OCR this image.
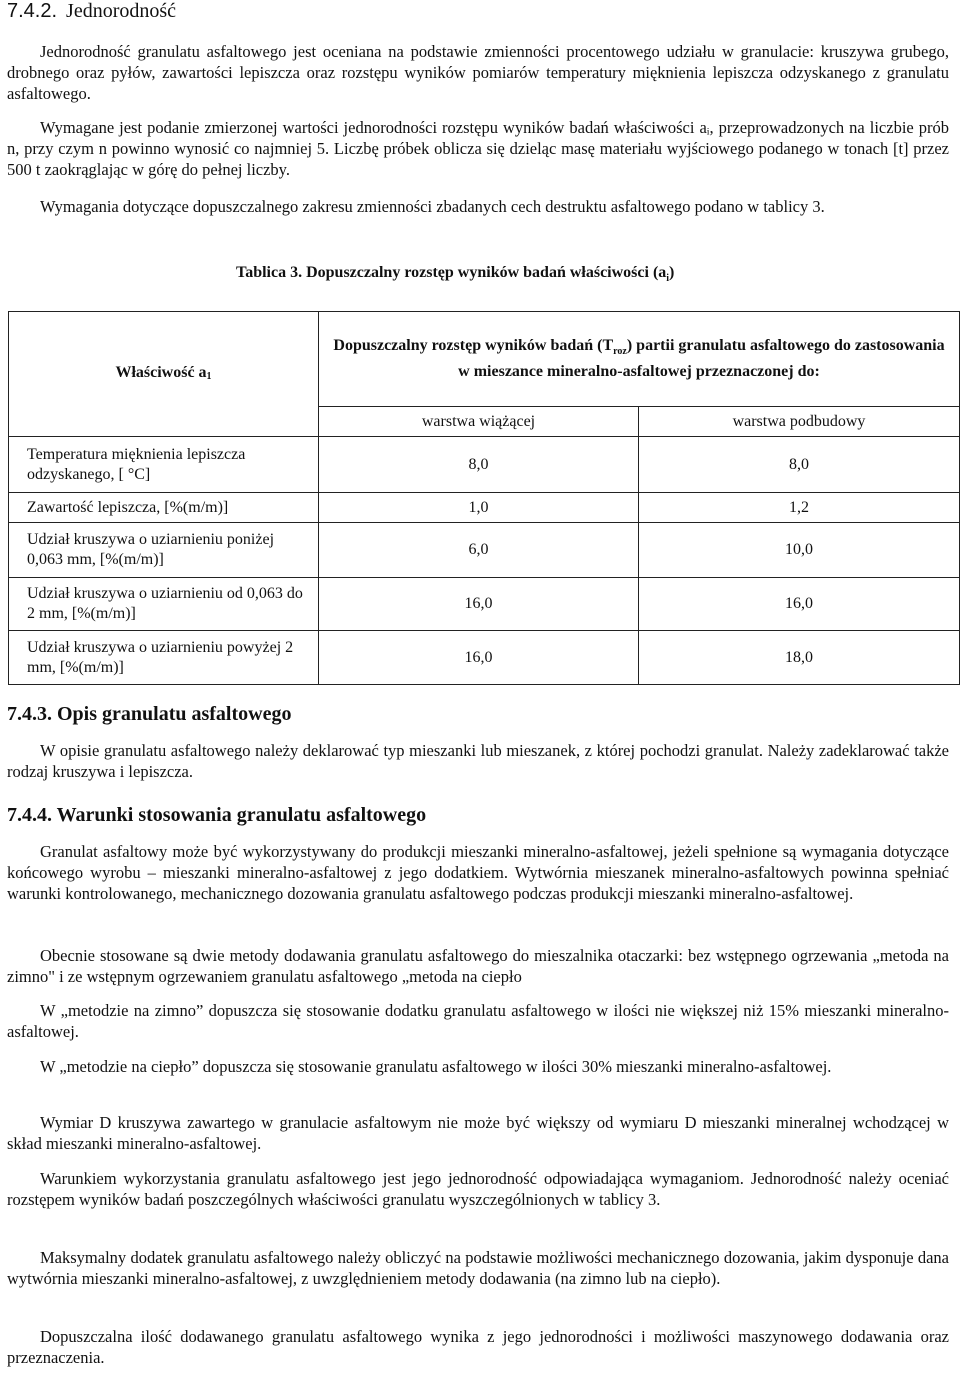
7.4.2. Jednorodność

Jednorodność granulatu asfaltowego jest oceniana na podstawie zmienności procentowego udziału w granulacie: kruszywa grubego, drobnego oraz pyłów, zawartości lepiszcza oraz rozstępu wyników pomiarów temperatury mięknienia lepiszcza odzyskanego z granulatu asfaltowego.

Wymagane jest podanie zmierzonej wartości jednorodności rozstępu wyników badań właściwości aᵢ, przeprowadzonych na liczbie prób n, przy czym n powinno wynosić co najmniej 5. Liczbę próbek oblicza się dzieląc masę materiału wyjściowego podanego w tonach [t] przez 500 t zaokrąglając w górę do pełnej liczby.

Wymagania dotyczące dopuszczalnego zakresu zmienności zbadanych cech destruktu asfaltowego podano w tablicy 3.

Tablica 3. Dopuszczalny rozstęp wyników badań właściwości $(a_i)$

Właściwość a1	Dopuszczalny rozstęp wyników badań $(T_{roz})$ partii granulatu asfaltowego do zastosowania w mieszance mineralno-asfaltowej przeznaczonej do:	
	warstwa wiążącej	warstwa podbudowy
Temperatura mięknienia lepiszcza odzyskanego, [ °C]	8,0	8,0
Zawartość lepiszcza, [%(m/m)]	1,0	1,2
Udział kruszywa o uziarnieniu poniżej 0,063 mm, [%(m/m)]	6,0	10,0
Udział kruszywa o uziarnieniu od 0,063 do 2 mm, [%(m/m)]	16,0	16,0
Udział kruszywa o uziarnieniu powyżej 2 mm, [%(m/m)]	16,0	18,0
7.4.3. Opis granulatu asfaltowego

W opisie granulatu asfaltowego należy deklarować typ mieszanki lub mieszanek, z której pochodzi granulat. Należy zadeklarować także rodzaj kruszywa i lepiszcza.

7.4.4. Warunki stosowania granulatu asfaltowego

Granulat asfaltowy może być wykorzystywany do produkcji mieszanki mineralno-asfaltowej, jeżeli spełnione są wymagania dotyczące końcowego wyrobu – mieszanki mineralno-asfaltowej z jego dodatkiem. Wytwórnia mieszanek mineralno-asfaltowych powinna spełniać warunki kontrolowanego, mechanicznego dozowania granulatu asfaltowego podczas produkcji mieszanki mineralno-asfaltowej.

Obecnie stosowane są dwie metody dodawania granulatu asfaltowego do mieszalnika otaczarki: bez wstępnego ogrzewania „metoda na zimno" i ze wstępnym ogrzewaniem granulatu asfaltowego „metoda na ciepło

W „metodzie na zimno” dopuszcza się stosowanie dodatku granulatu asfaltowego w ilości nie większej niż 15% mieszanki mineralno-asfaltowej.

W „metodzie na ciepło” dopuszcza się stosowanie granulatu asfaltowego w ilości 30% mieszanki mineralno-asfaltowej.

Wymiar D kruszywa zawartego w granulacie asfaltowym nie może być większy od wymiaru D mieszanki mineralnej wchodzącej w skład mieszanki mineralno-asfaltowej.

Warunkiem wykorzystania granulatu asfaltowego jest jego jednorodność odpowiadająca wymaganiom. Jednorodność należy oceniać rozstępem wyników badań poszczególnych właściwości granulatu wyszczególnionych w tablicy 3.

Maksymalny dodatek granulatu asfaltowego należy obliczyć na podstawie możliwości mechanicznego dozowania, jakim dysponuje dana wytwórnia mieszanki mineralno-asfaltowej, z uwzględnieniem metody dodawania (na zimno lub na ciepło).

Dopuszczalna ilość dodawanego granulatu asfaltowego wynika z jego jednorodności i możliwości maszynowego dodawania oraz przeznaczenia.
